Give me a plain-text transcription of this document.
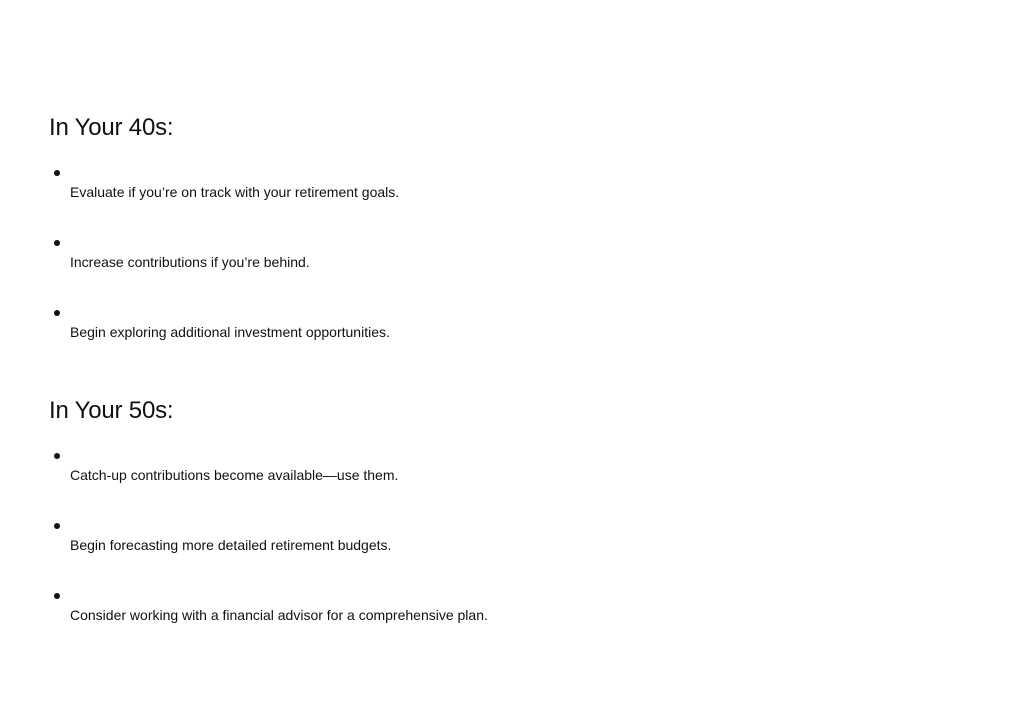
In Your 40s:
Evaluate if you’re on track with your retirement goals.
Increase contributions if you’re behind.
Begin exploring additional investment opportunities.
In Your 50s:
Catch-up contributions become available—use them.
Begin forecasting more detailed retirement budgets.
Consider working with a financial advisor for a comprehensive plan.
